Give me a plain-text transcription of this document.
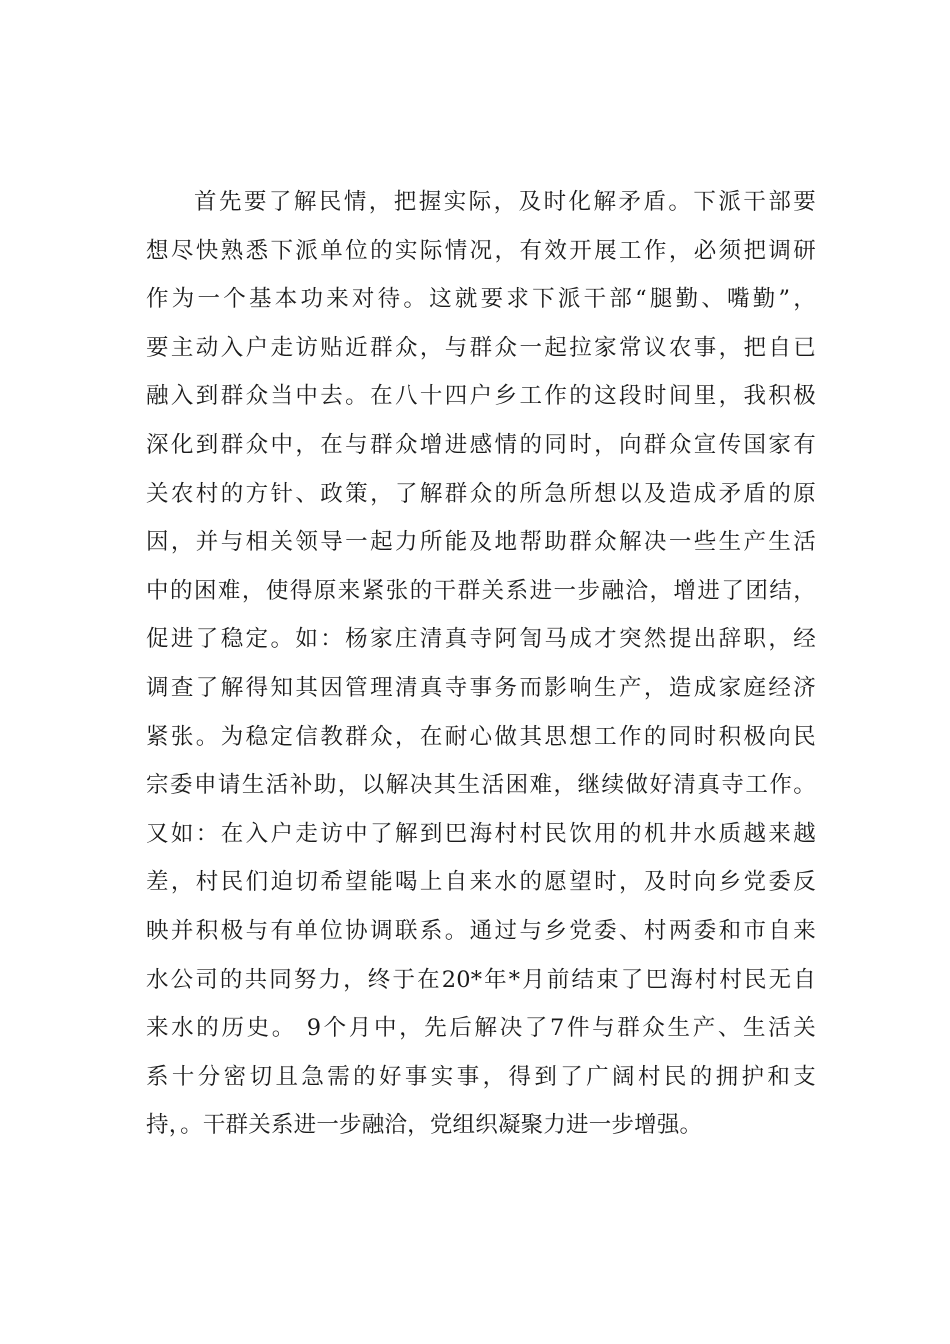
首先要了解民情，把握实际，及时化解矛盾。下派干部要
想尽快熟悉下派单位的实际情况，有效开展工作，必须把调研
作为一个基本功来对待。这就要求下派干部“腿勤、嘴勤”，
要主动入户走访贴近群众，与群众一起拉家常议农事，把自已
融入到群众当中去。在八十四户乡工作的这段时间里，我积极
深化到群众中，在与群众增进感情的同时，向群众宣传国家有
关农村的方针、政策，了解群众的所急所想以及造成矛盾的原
因，并与相关领导一起力所能及地帮助群众解决一些生产生活
中的困难，使得原来紧张的干群关系进一步融洽，增进了团结，
促进了稳定。如：杨家庄清真寺阿訇马成才突然提出辞职，经
调查了解得知其因管理清真寺事务而影响生产，造成家庭经济
紧张。为稳定信教群众，在耐心做其思想工作的同时积极向民
宗委申请生活补助，以解决其生活困难，继续做好清真寺工作。
又如：在入户走访中了解到巴海村村民饮用的机井水质越来越
差，村民们迫切希望能喝上自来水的愿望时，及时向乡党委反
映并积极与有单位协调联系。通过与乡党委、村两委和市自来
水公司的共同努力，终于在20*年*月前结束了巴海村村民无自
来水的历史。 9个月中，先后解决了7件与群众生产、生活关
系十分密切且急需的好事实事，得到了广阔村民的拥护和支
持，。干群关系进一步融洽，党组织凝聚力进一步增强。
